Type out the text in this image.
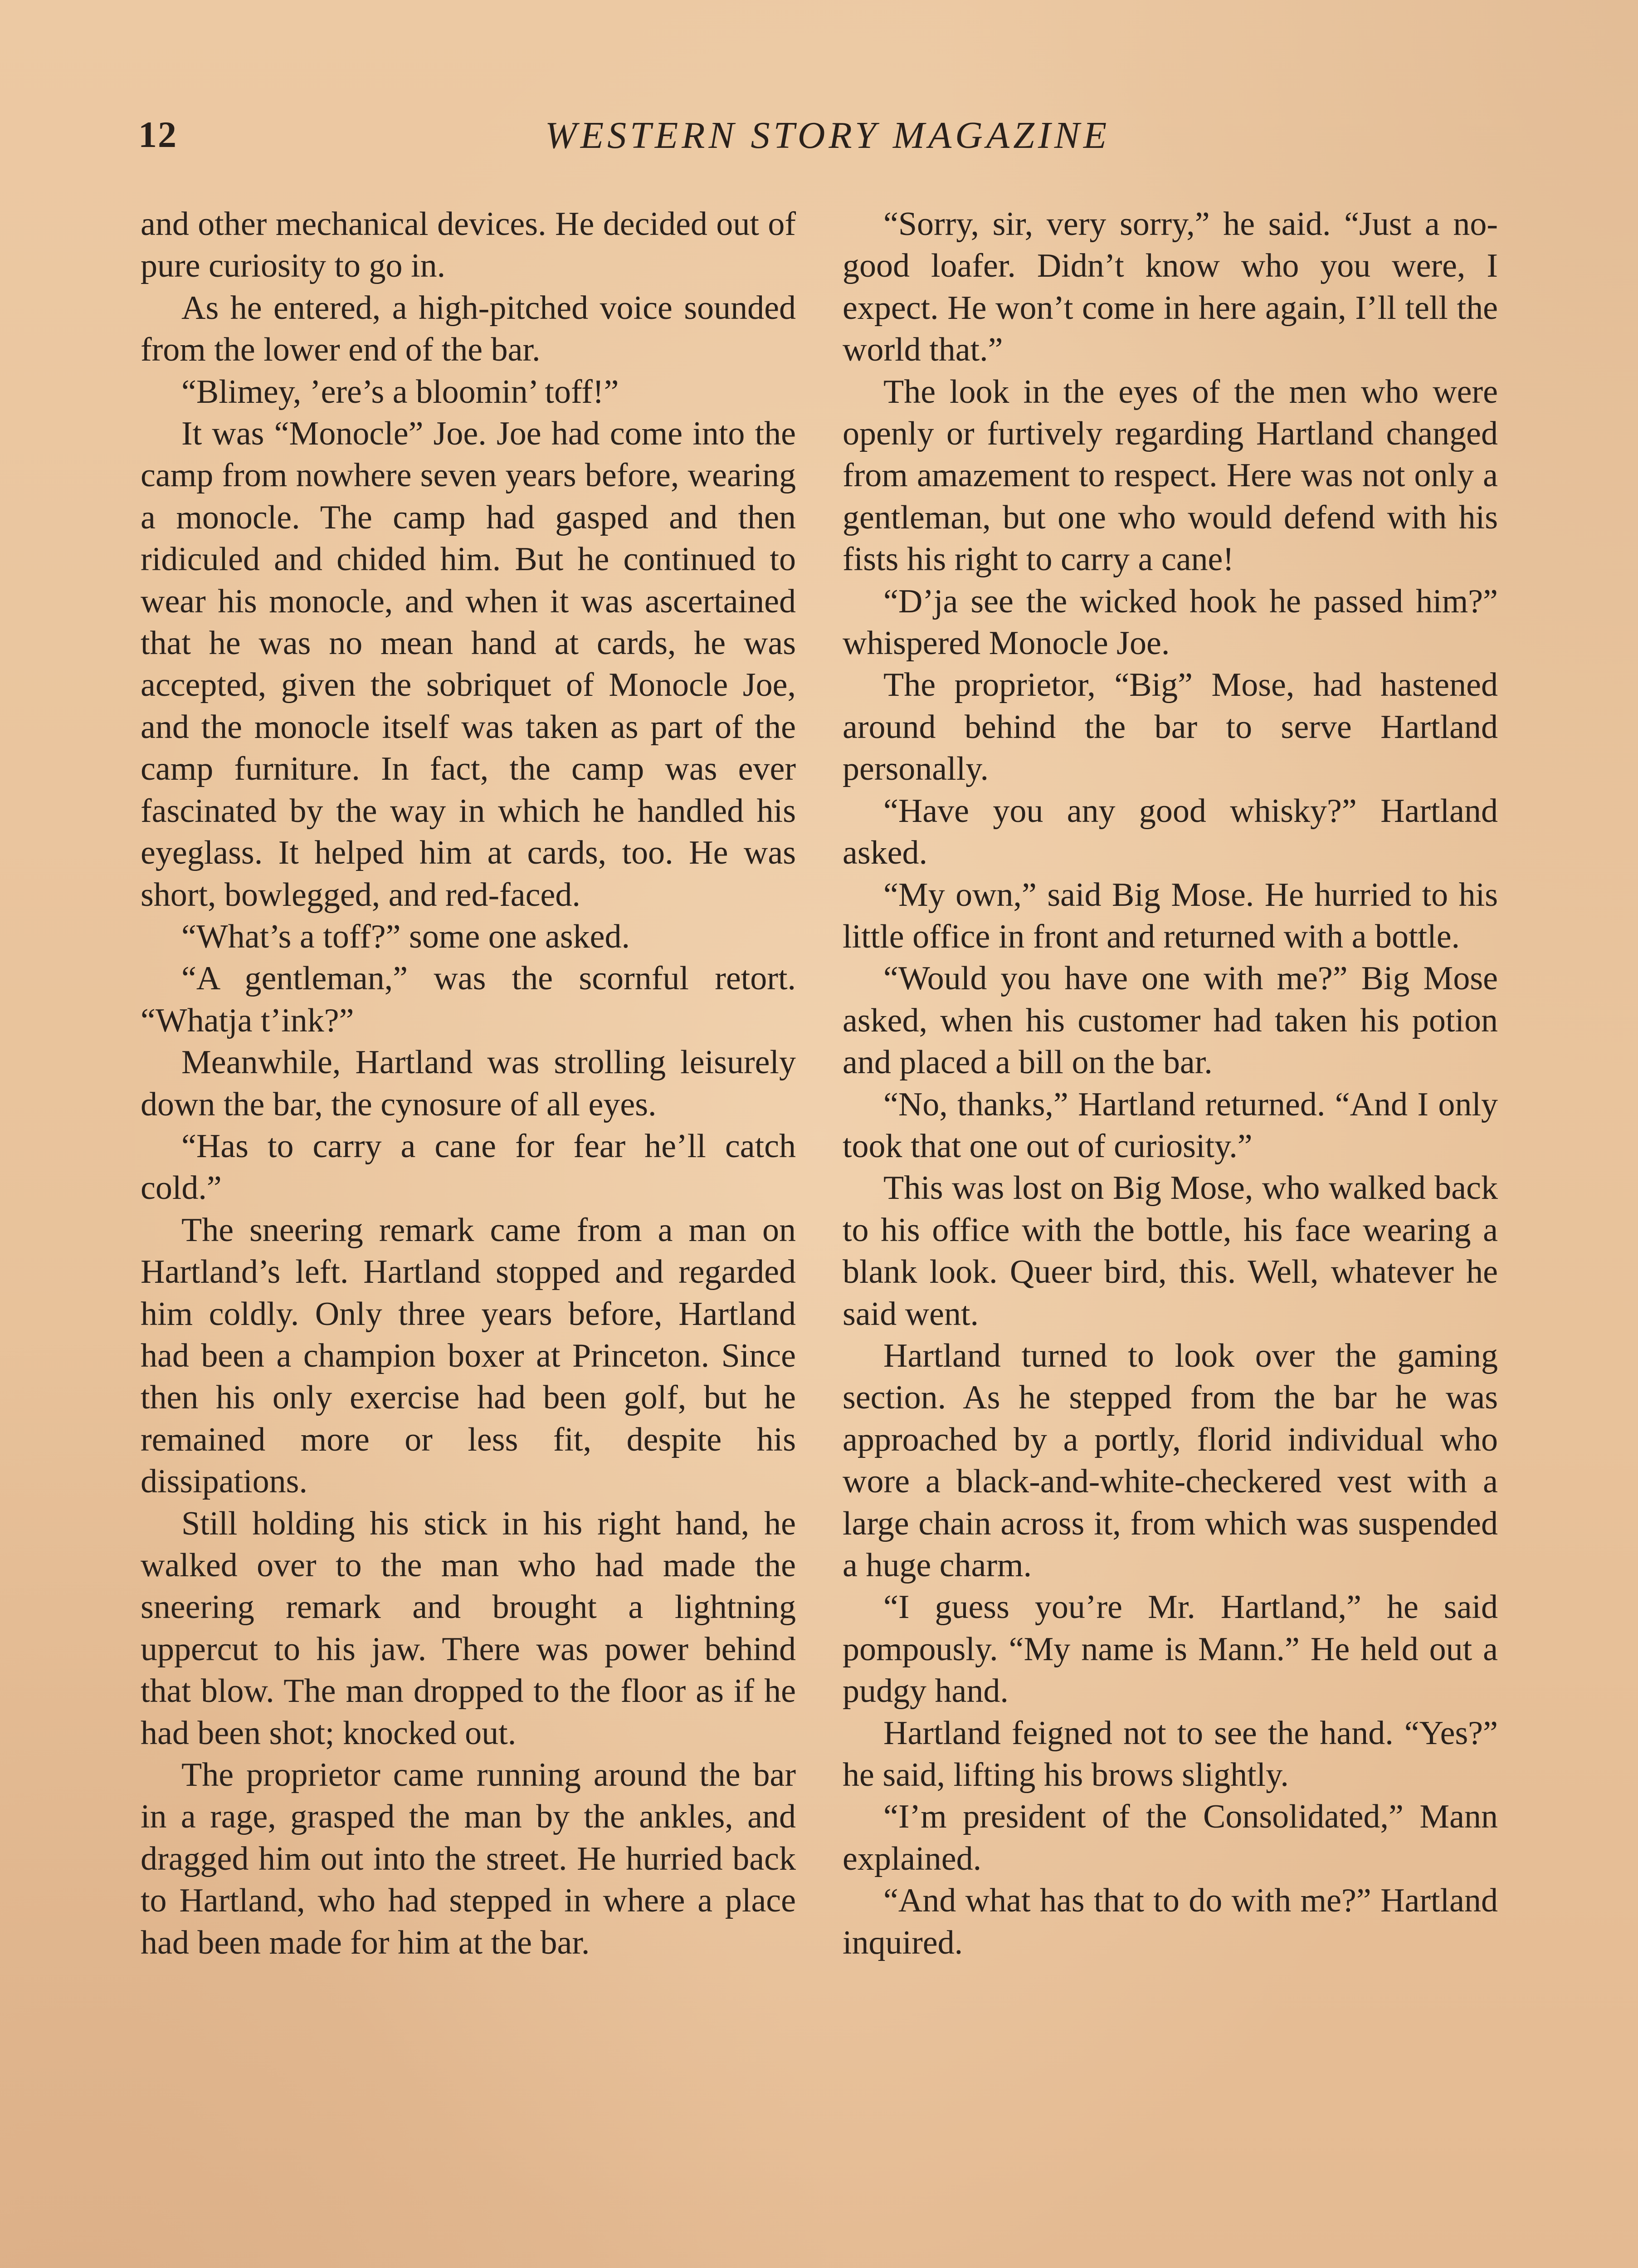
12	WESTERN STORY MAGAZINE

and other mechanical devices. He decided out of pure curiosity to go in.

As he entered, a high-pitched voice sounded from the lower end of the bar.

“Blimey, ’ere’s a bloomin’ toff!”

It was “Monocle” Joe. Joe had come into the camp from nowhere seven years before, wearing a monocle. The camp had gasped and then ridiculed and chided him. But he continued to wear his monocle, and when it was ascertained that he was no mean hand at cards, he was accepted, given the sobriquet of Monocle Joe, and the monocle itself was taken as part of the camp furniture. In fact, the camp was ever fascinated by the way in which he handled his eyeglass. It helped him at cards, too. He was short, bowlegged, and red-faced.

“What’s a toff?” some one asked.

“A gentleman,” was the scornful retort. “Whatja t’ink?”

Meanwhile, Hartland was strolling leisurely down the bar, the cynosure of all eyes.

“Has to carry a cane for fear he’ll catch cold.”

The sneering remark came from a man on Hartland’s left. Hartland stopped and regarded him coldly. Only three years before, Hartland had been a champion boxer at Princeton. Since then his only exercise had been golf, but he remained more or less fit, despite his dissipations.

Still holding his stick in his right hand, he walked over to the man who had made the sneering remark and brought a lightning uppercut to his jaw. There was power behind that blow. The man dropped to the floor as if he had been shot; knocked out.

The proprietor came running around the bar in a rage, grasped the man by the ankles, and dragged him out into the street. He hurried back to Hartland, who had stepped in where a place had been made for him at the bar.

“Sorry, sir, very sorry,” he said. “Just a no-good loafer. Didn’t know who you were, I expect. He won’t come in here again, I’ll tell the world that.”

The look in the eyes of the men who were openly or furtively regarding Hartland changed from amazement to respect. Here was not only a gentleman, but one who would defend with his fists his right to carry a cane!

“D’ja see the wicked hook he passed him?” whispered Monocle Joe.

The proprietor, “Big” Mose, had hastened around behind the bar to serve Hartland personally.

“Have you any good whisky?” Hartland asked.

“My own,” said Big Mose. He hurried to his little office in front and returned with a bottle.

“Would you have one with me?” Big Mose asked, when his customer had taken his potion and placed a bill on the bar.

“No, thanks,” Hartland returned. “And I only took that one out of curiosity.”

This was lost on Big Mose, who walked back to his office with the bottle, his face wearing a blank look. Queer bird, this. Well, whatever he said went.

Hartland turned to look over the gaming section. As he stepped from the bar he was approached by a portly, florid individual who wore a black-and-white-checkered vest with a large chain across it, from which was suspended a huge charm.

“I guess you’re Mr. Hartland,” he said pompously. “My name is Mann.” He held out a pudgy hand.

Hartland feigned not to see the hand. “Yes?” he said, lifting his brows slightly.

“I’m president of the Consolidated,” Mann explained.

“And what has that to do with me?” Hartland inquired.
